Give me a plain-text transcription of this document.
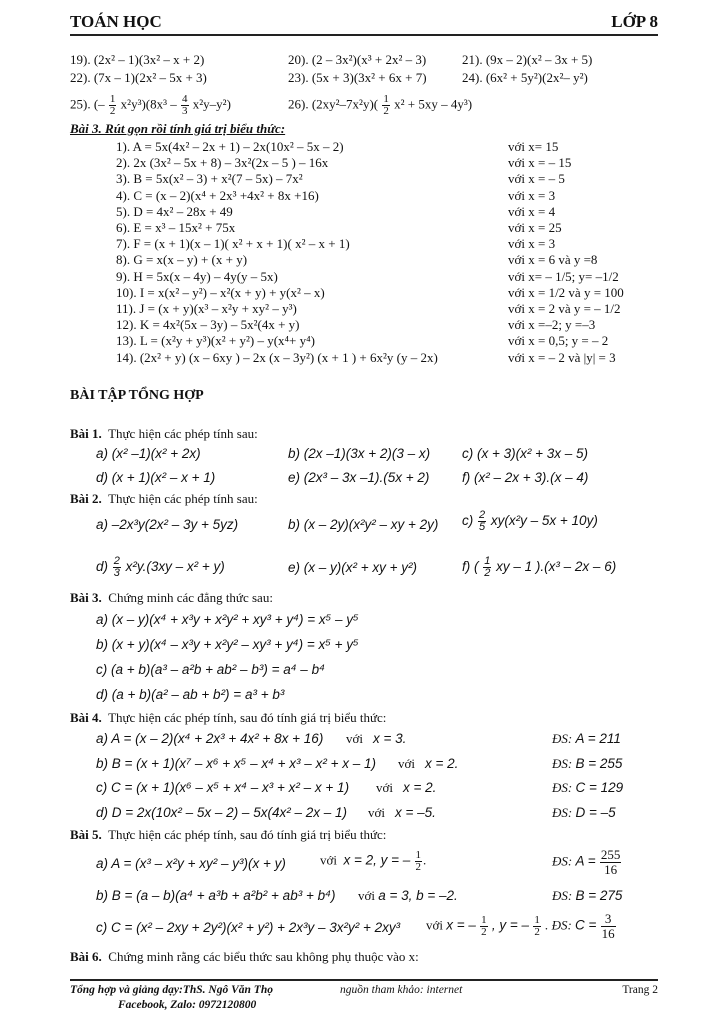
TOÁN HỌC	LỚP 8
19). (2x² – 1)(3x² – x + 2)	20). (2 – 3x²)(x³ + 2x² – 3)	21). (9x – 2)(x² – 3x + 5)
22). (7x – 1)(2x² – 5x + 3)	23). (5x + 3)(3x² + 6x + 7)	24). (6x² + 5y²)(2x²– y²)
25). (– $\frac{1}{2} x^2y^3)(8x^3 - \frac{4}{3} x^2y-y^2)$	26). $(2xy^2-7x^2y)( \frac{1}{2} x^2 + 5xy - 4y^3)$
Bài 3. Rút gọn rồi tính giá trị biểu thức:
1). A = 5x(4x² – 2x + 1) – 2x(10x² – 5x – 2)	với x= 15
2). 2x (3x² – 5x + 8) – 3x²(2x – 5 ) – 16x	với x = – 15
3). B = 5x(x² – 3) + x²(7 – 5x) – 7x²	với x = – 5
4). C = (x – 2)(x⁴ + 2x³ +4x² + 8x +16)	với x = 3
5). D = 4x² – 28x + 49	với x = 4
6). E = x³ – 15x² + 75x	với x = 25
7). F = (x + 1)(x – 1)( x² + x + 1)( x² – x + 1)	với x = 3
8). G = x(x – y) + (x + y)	với x = 6 và y =8
9). H = 5x(x – 4y) – 4y(y – 5x)	với x= – 1/5; y= –1/2
10). I = x(x² – y²) – x²(x + y) + y(x² – x)	với x = 1/2 và y = 100
11). J = (x + y)(x³ – x²y + xy² – y³)	với x = 2 và y = – 1/2
12). K = 4x²(5x – 3y) – 5x²(4x + y)	với x =–2; y =–3
13). L = (x²y + y³)(x² + y²) – y(x⁴+ y⁴)	với x = 0,5; y = – 2
14). (2x² + y) (x – 6xy ) – 2x (x – 3y²) (x + 1 ) + 6x²y (y – 2x)	với x = – 2 và |y| = 3
BÀI TẬP TỔNG HỢP
Bài 1. Thực hiện các phép tính sau:
a) (x² –1)(x² + 2x)	b) (2x –1)(3x + 2)(3 – x) c) (x + 3)(x² + 3x – 5)
d) (x + 1)(x² – x + 1)	e) (2x³ – 3x –1).(5x + 2) f) (x² – 2x + 3).(x – 4)
Bài 2. Thực hiện các phép tính sau:
a) –2x³y(2x² – 3y + 5yz)	b) (x – 2y)(x²y² – xy + 2y) $c) \frac{2}{5} xy(x^2y - 5x + 10y)$
$d) \frac{2}{3} x^2y.(3xy - x^2 + y)$	e) (x – y)(x² + xy + y²)	f) ( $\frac{1}{2}$ xy – 1 ).(x³ – 2x – 6)
Bài 3. Chứng minh các đẳng thức sau:
a) (x – y)(x⁴ + x³y + x²y² + xy³ + y⁴) = x⁵ – y⁵
b) (x + y)(x⁴ – x³y + x²y² – xy³ + y⁴) = x⁵ + y⁵
c) (a + b)(a³ – a²b + ab² – b³) = a⁴ – b⁴
d) (a + b)(a² – ab + b²) = a³ + b³
Bài 4. Thực hiện các phép tính, sau đó tính giá trị biểu thức:
a) A = (x – 2)(x⁴ + 2x³ + 4x² + 8x + 16) với x = 3.	ĐS: A = 211
b) B = (x + 1)(x⁷ – x⁶ + x⁵ – x⁴ + x³ – x² + x – 1) với x = 2.	ĐS: B = 255
c) C = (x + 1)(x⁶ – x⁵ + x⁴ – x³ + x² – x + 1) với x = 2.	ĐS: C = 129
d) D = 2x(10x² – 5x – 2) – 5x(4x² – 2x – 1) với x = –5.	ĐS: D = –5
Bài 5. Thực hiện các phép tính, sau đó tính giá trị biểu thức:
a) A = (x³ – x²y + xy² – y³)(x + y)	với x = 2, y = – $\frac{1}{2}$ .	ĐS: $A = \frac{255}{16}$
b) B = (a – b)(a⁴ + a³b + a²b² + ab³ + b⁴) với a = 3, b = –2.	ĐS: B = 275
c) C = (x² – 2xy + 2y²)(x² + y²) + 2x³y – 3x²y² + 2xy³ với x = – $\frac{1}{2}$ , y = – $\frac{1}{2}$ . ĐS: $C = \frac{3}{16}$
Bài 6. Chứng minh rằng các biểu thức sau không phụ thuộc vào x:
Tổng hợp và giảng dạy:ThS. Ngô Văn Thọ
Facebook, Zalo: 0972120800
nguồn tham khảo: internet	Trang 2
